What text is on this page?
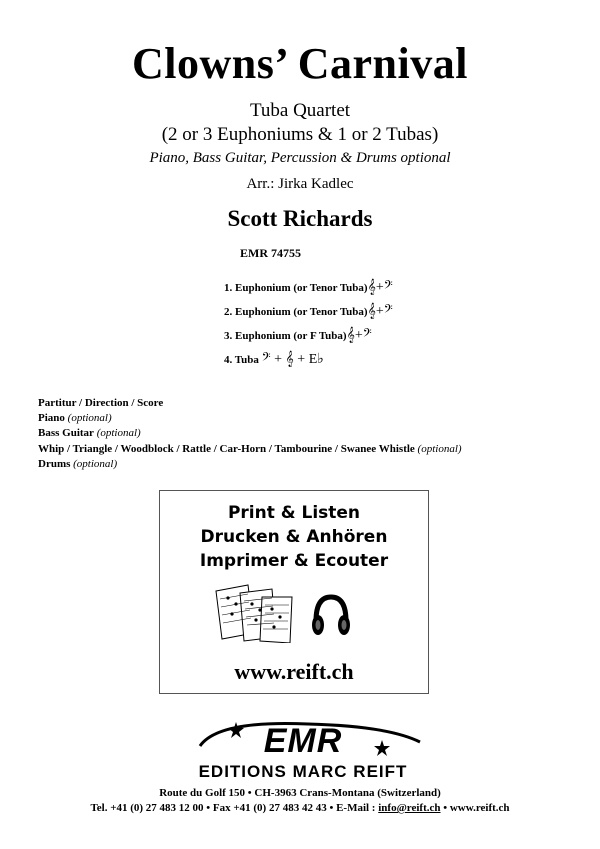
Clowns’ Carnival
Tuba Quartet
(2 or 3 Euphoniums & 1 or 2 Tubas)
Piano, Bass Guitar, Percussion & Drums optional
Arr.: Jirka Kadlec
Scott Richards
EMR 74755
1. Euphonium (or Tenor Tuba)𝄞+𝄢
2. Euphonium (or Tenor Tuba)𝄞+𝄢
3. Euphonium (or F Tuba)𝄞+𝄢
4. Tuba 𝄢 + 𝄞 + E♭
Partitur / Direction / Score
Piano (optional)
Bass Guitar (optional)
Whip / Triangle / Woodblock / Rattle / Car-Horn / Tambourine / Swanee Whistle (optional)
Drums (optional)
Print & Listen
Drucken & Anhören
Imprimer & Ecouter
www.reift.ch
EMR
EDITIONS MARC REIFT
Route du Golf 150 • CH-3963 Crans-Montana (Switzerland)
Tel. +41 (0) 27 483 12 00 • Fax +41 (0) 27 483 42 43 • E-Mail : info@reift.ch • www.reift.ch
